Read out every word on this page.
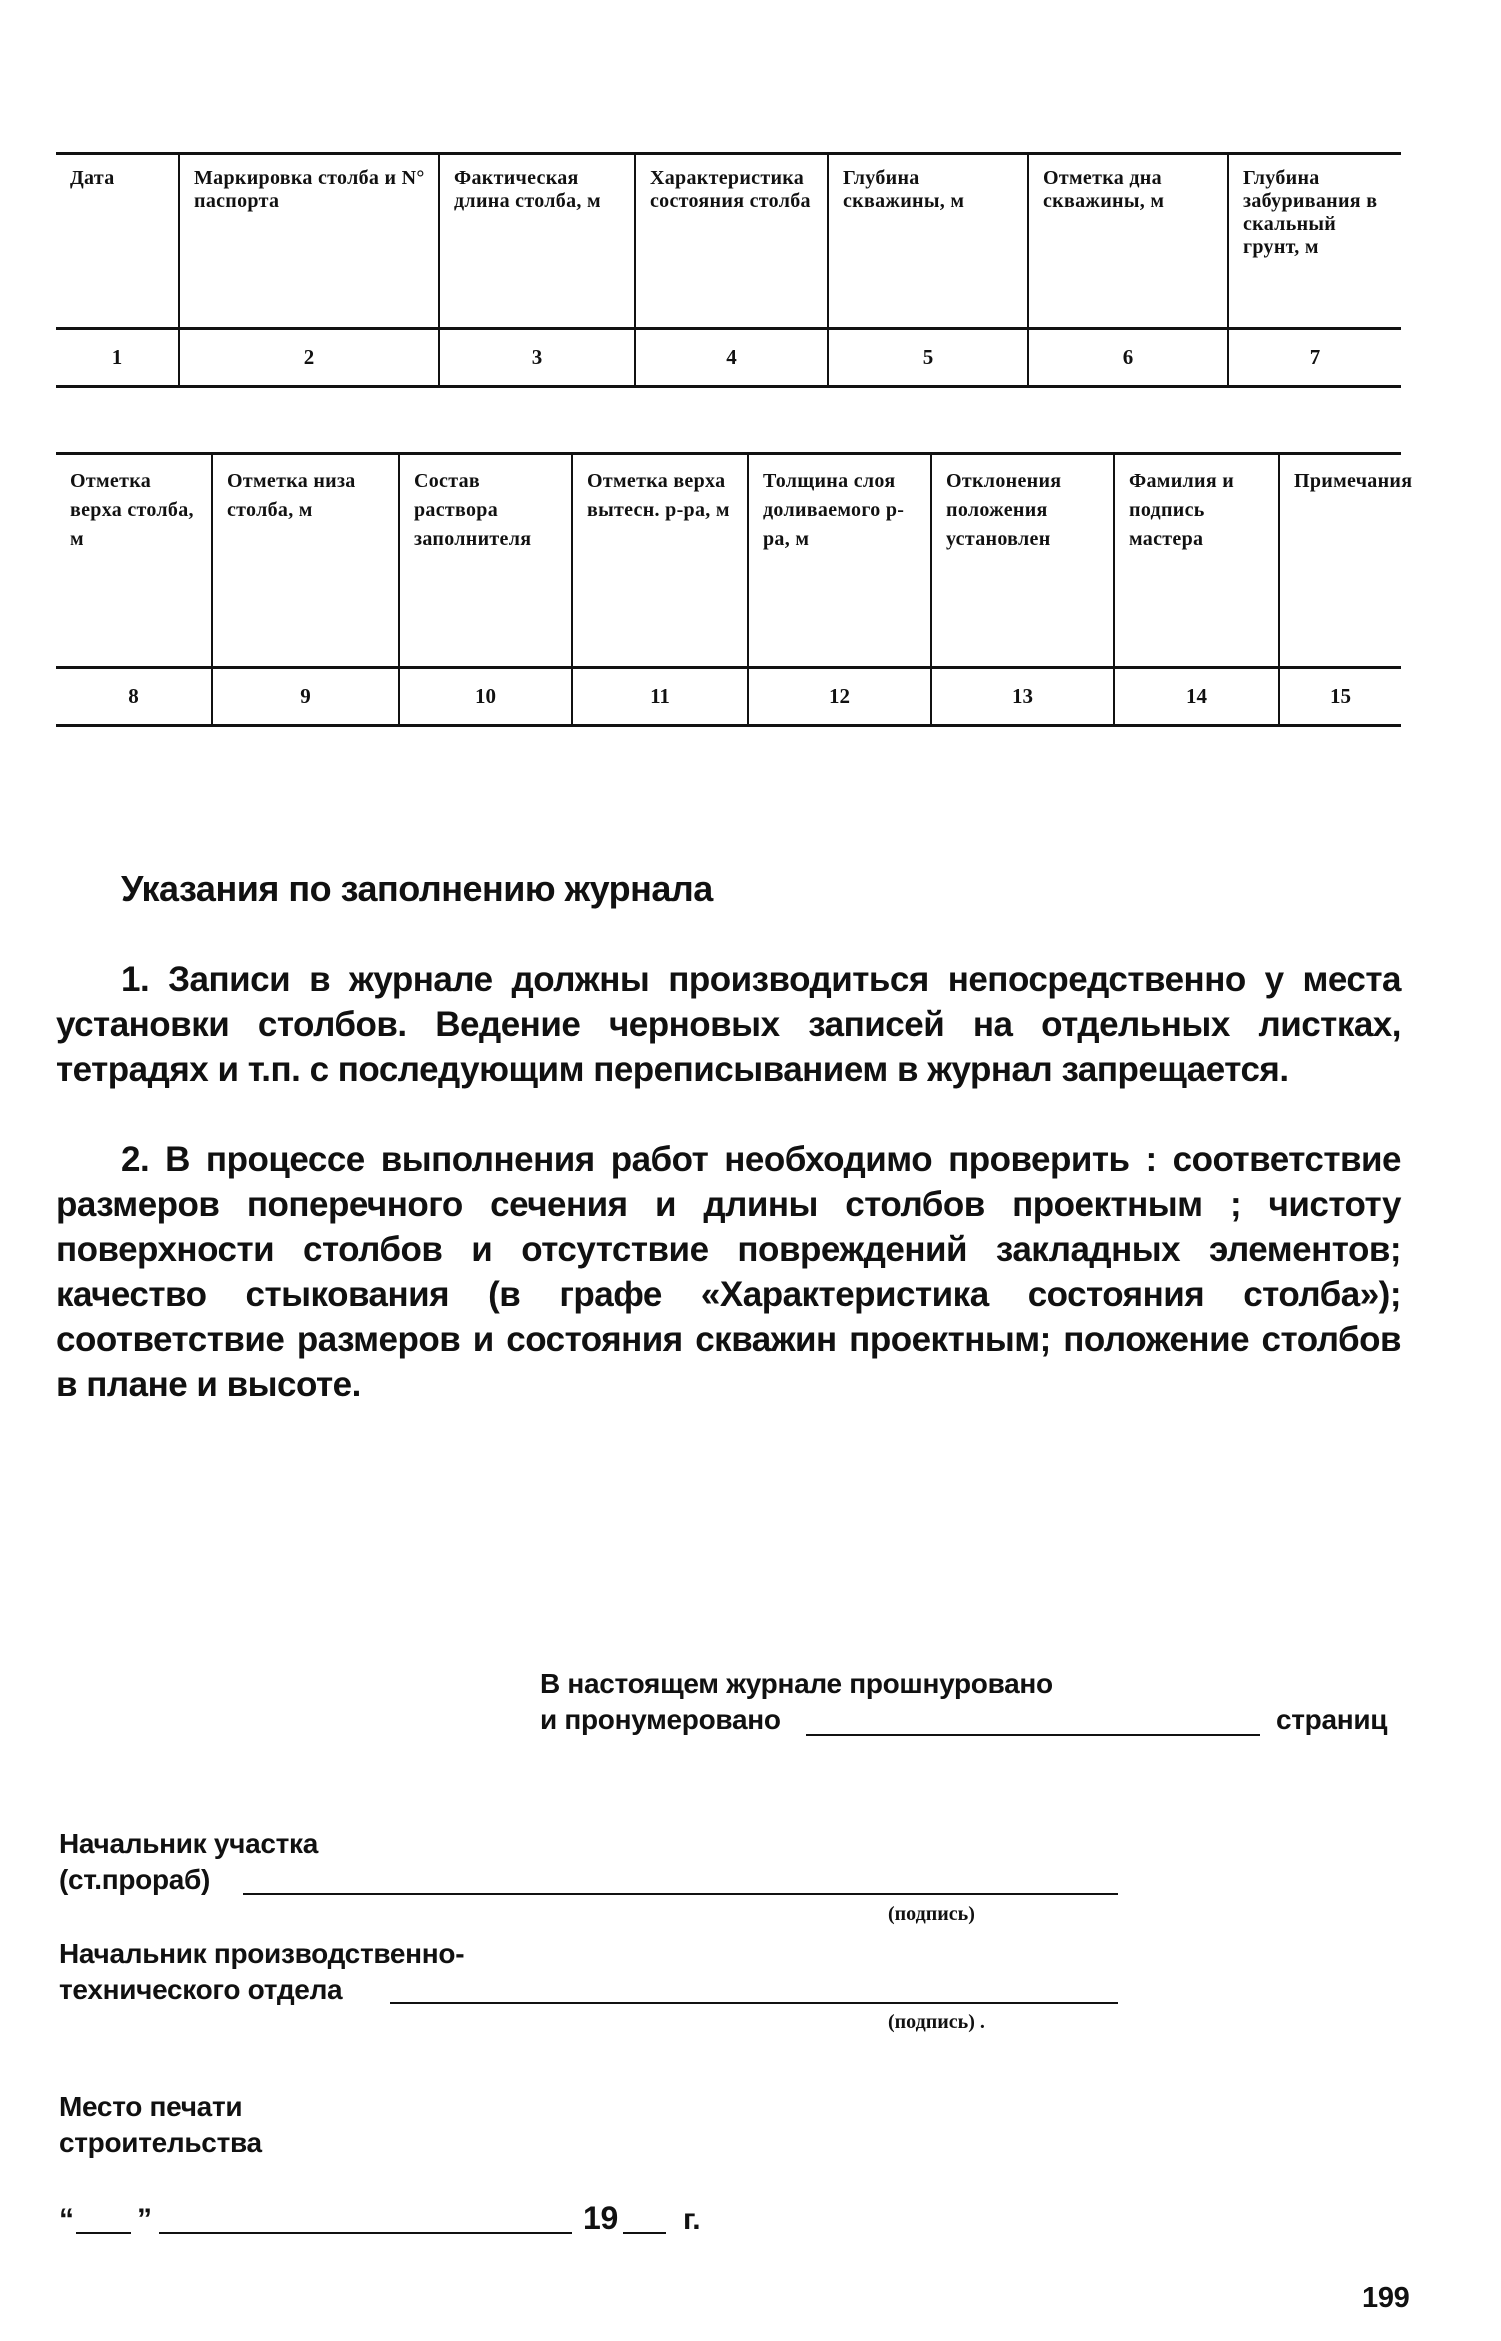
Дата	Маркировка столба и N° паспорта	Фактическая длина столба, м	Характеристика состояния столба	Глубина скважины, м	Отметка дна скважины, м	Глубина забуривания в скальный грунт, м
1	2	3	4	5	6	7
Отметка верха столба, м	Отметка низа столба, м	Состав раствора заполнителя	Отметка верха вытесн. р-ра, м	Толщина слоя доливаемого р-ра, м	Отклонения положения установлен	Фамилия и подпись мастера	Примечания
8	9	10	11	12	13	14	15
Указания по заполнению журнала

1. Записи в журнале должны производиться непосредственно у места установки столбов. Ведение черновых записей на отдельных листках, тетрадях и т.п. с последующим переписыванием в журнал запрещается.

2. В процессе выполнения работ необходимо проверить : соответствие размеров поперечного сечения и длины столбов проектным ; чистоту поверхности столбов и отсутствие повреждений закладных элементов; качество стыкования (в графе «Характеристика состояния столба»); соответствие размеров и состояния скважин проектным; положение столбов в плане и высоте.

В настоящем журнале прошнуровано
и пронумеровано	страниц
Начальник участка
(ст.прораб)
(подпись)
Начальник производственно-
технического отдела
(подпись) .
Место печати
строительства
“ ”	19 г.
199
